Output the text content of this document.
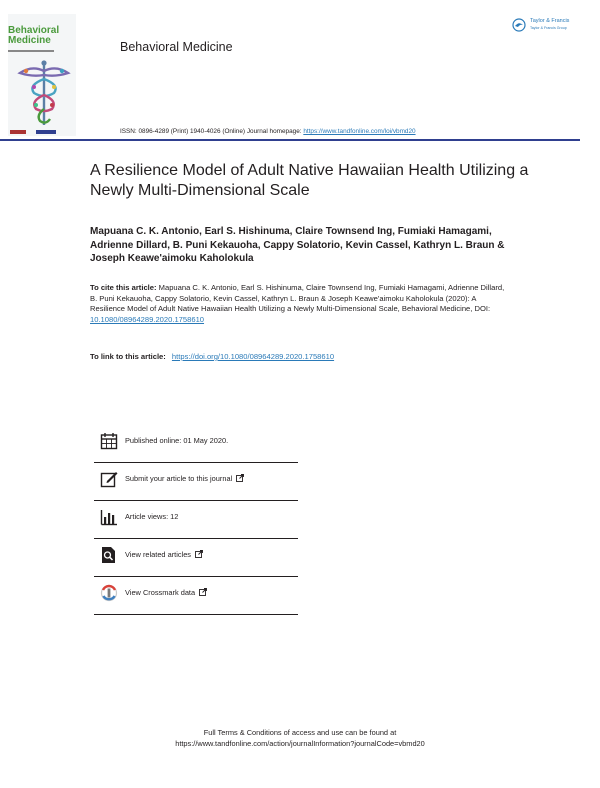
Behavioral
Medicine	Behavioral Medicine
Taylor & Francis
Taylor & Francis Group
ISSN: 0896-4289 (Print) 1940-4026 (Online) Journal homepage: https://www.tandfonline.com/loi/vbmd20
A Resilience Model of Adult Native Hawaiian Health Utilizing a Newly Multi-Dimensional Scale
Mapuana C. K. Antonio, Earl S. Hishinuma, Claire Townsend Ing, Fumiaki Hamagami, Adrienne Dillard, B. Puni Kekauoha, Cappy Solatorio, Kevin Cassel, Kathryn L. Braun & Joseph Keawe'aimoku Kaholokula
To cite this article: Mapuana C. K. Antonio, Earl S. Hishinuma, Claire Townsend Ing, Fumiaki Hamagami, Adrienne Dillard, B. Puni Kekauoha, Cappy Solatorio, Kevin Cassel, Kathryn L. Braun & Joseph Keawe'aimoku Kaholokula (2020): A Resilience Model of Adult Native Hawaiian Health Utilizing a Newly Multi-Dimensional Scale, Behavioral Medicine, DOI: 10.1080/08964289.2020.1758610
To link to this article: https://doi.org/10.1080/08964289.2020.1758610
Published online: 01 May 2020.
Submit your article to this journal
Article views: 12
View related articles
View Crossmark data
Full Terms & Conditions of access and use can be found at
https://www.tandfonline.com/action/journalInformation?journalCode=vbmd20
